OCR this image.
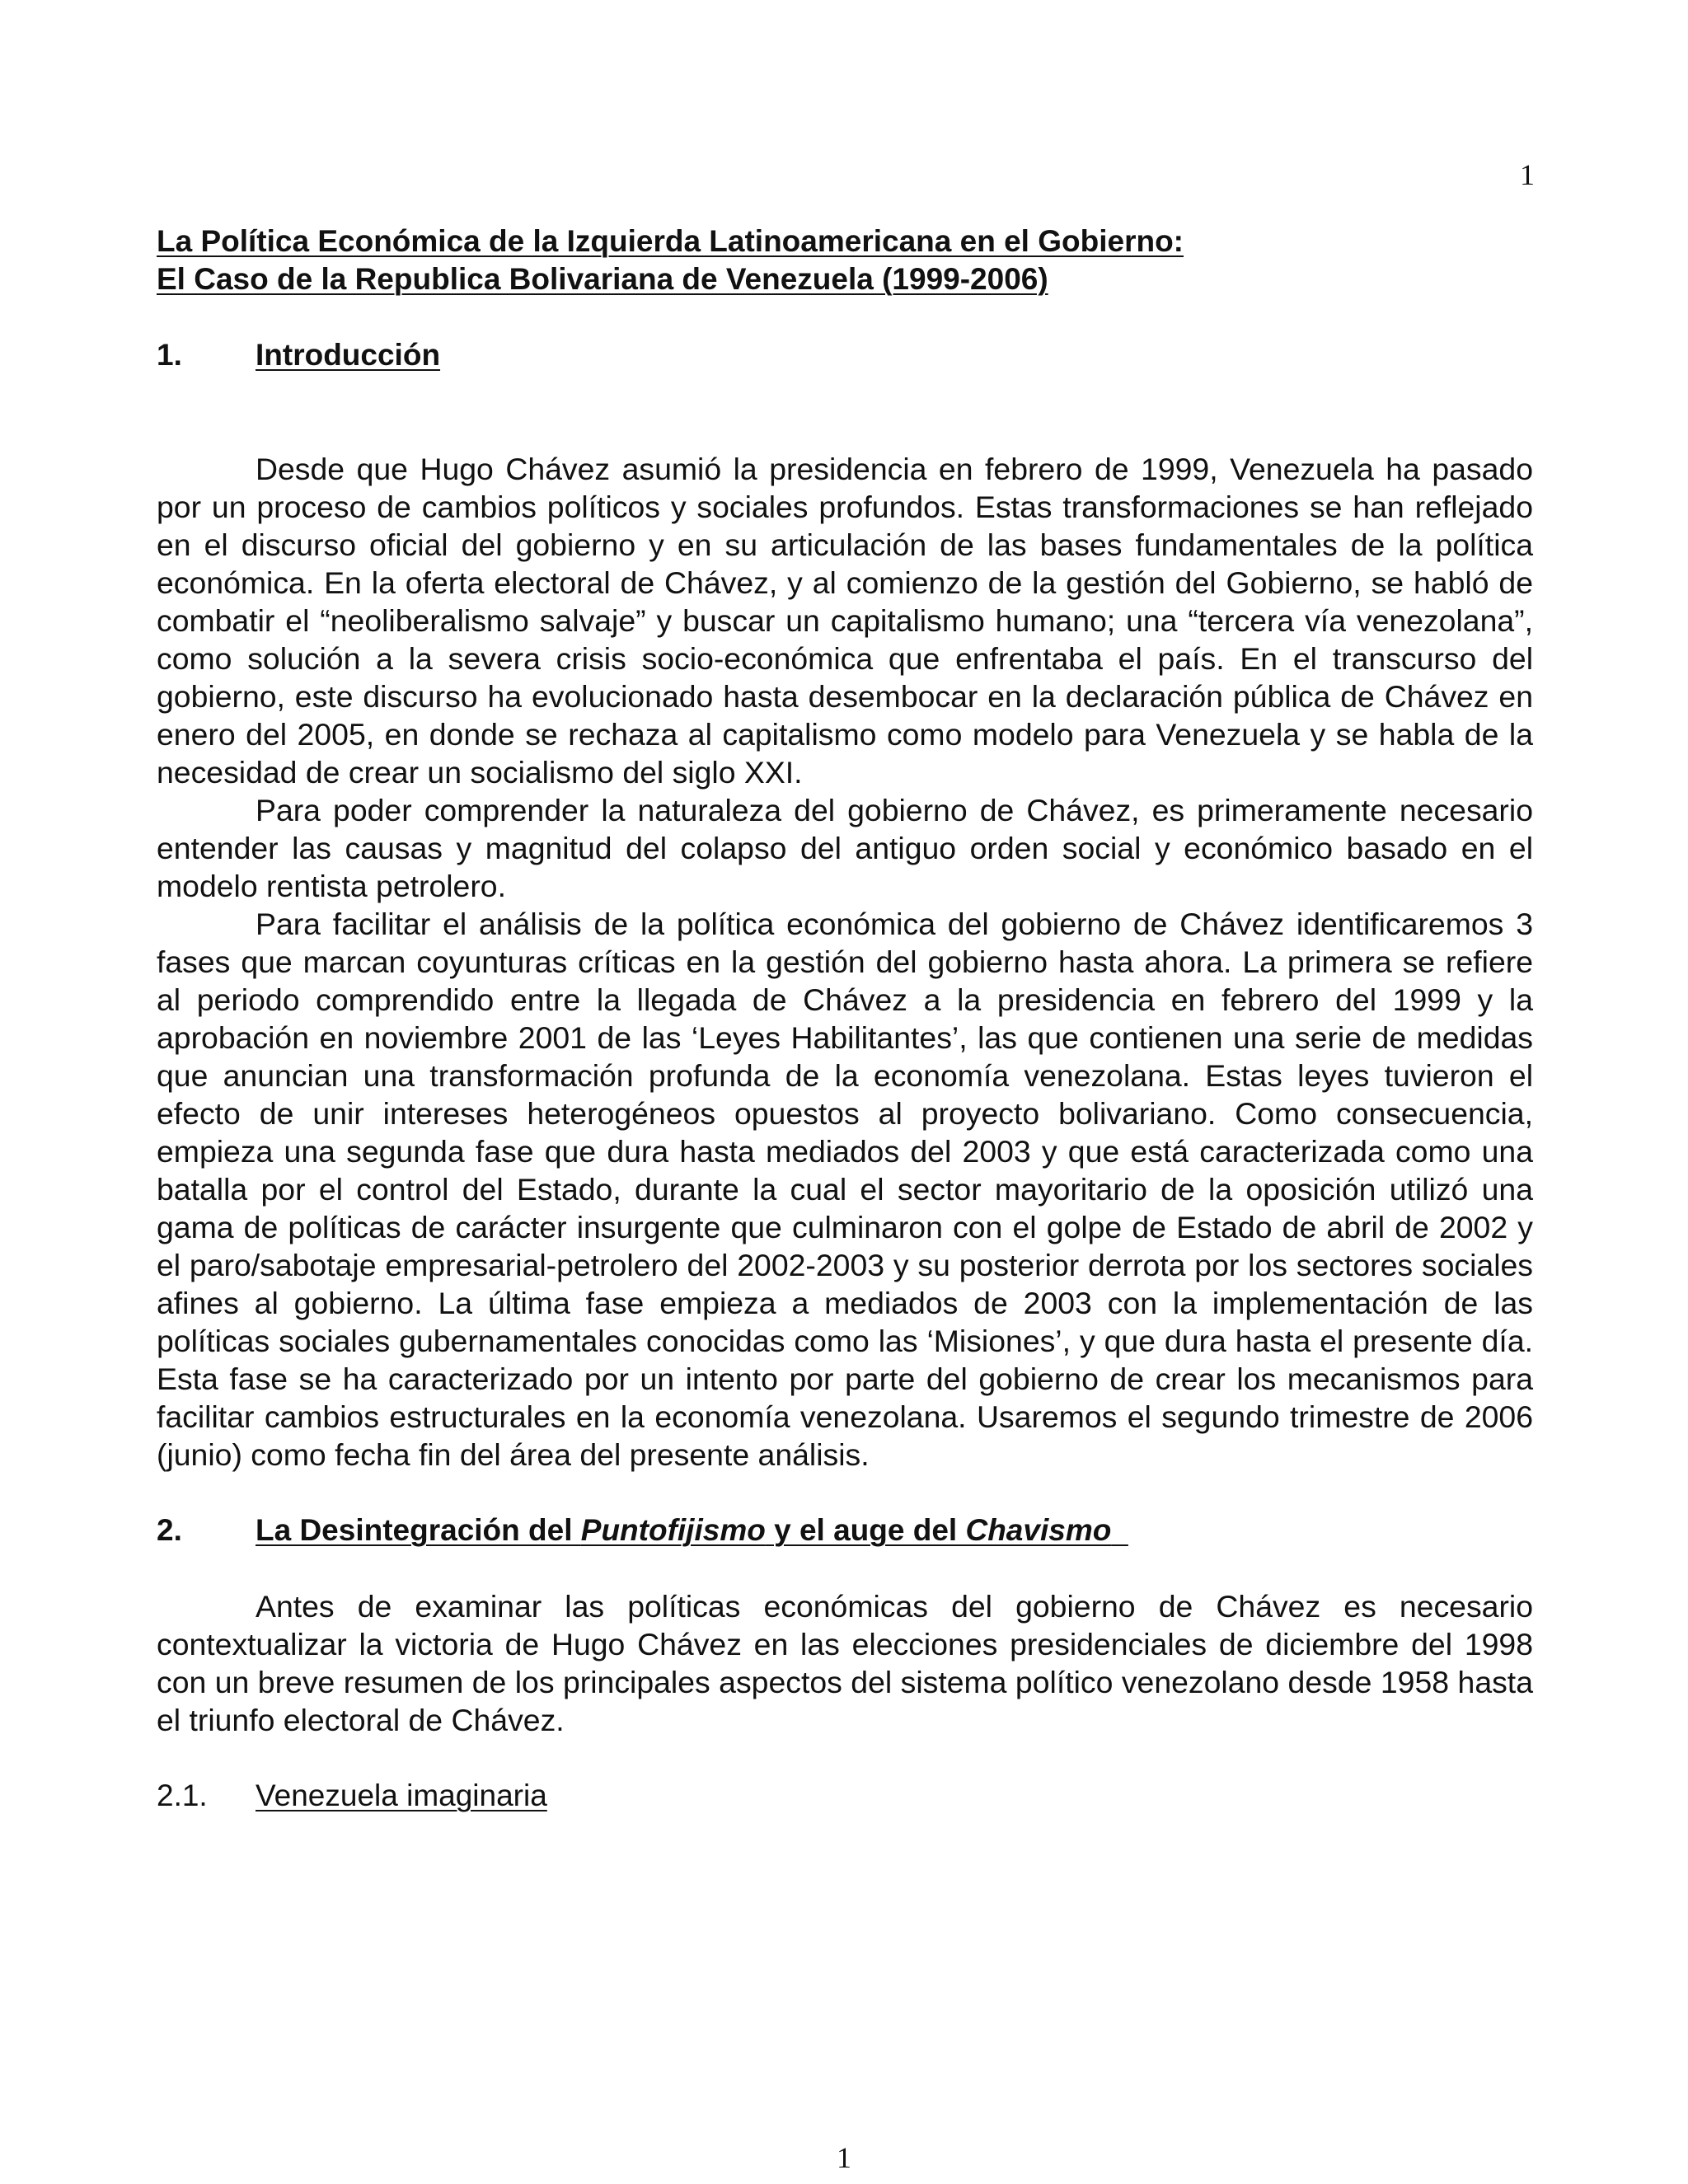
1
La Política Económica de la Izquierda Latinoamericana en el Gobierno:
El Caso de la Republica Bolivariana de Venezuela (1999-2006)
1.	Introducción

Desde que Hugo Chávez asumió la presidencia en febrero de 1999, Venezuela ha pasado por un proceso de cambios políticos y sociales profundos. Estas transformaciones se han reflejado en el discurso oficial del gobierno y en su articulación de las bases fundamentales de la política económica. En la oferta electoral de Chávez, y al comienzo de la gestión del Gobierno, se habló de combatir el “neoliberalismo salvaje” y buscar un capitalismo humano; una “tercera vía venezolana”, como solución a la severa crisis socio-económica que enfrentaba el país. En el transcurso del gobierno, este discurso ha evolucionado hasta desembocar en la declaración pública de Chávez en enero del 2005, en donde se rechaza al capitalismo como modelo para Venezuela y se habla de la necesidad de crear un socialismo del siglo XXI.

Para poder comprender la naturaleza del gobierno de Chávez, es primeramente necesario entender las causas y magnitud del colapso del antiguo orden social y económico basado en el modelo rentista petrolero.

Para facilitar el análisis de la política económica del gobierno de Chávez identificaremos 3 fases que marcan coyunturas críticas en la gestión del gobierno hasta ahora. La primera se refiere al periodo comprendido entre la llegada de Chávez a la presidencia en febrero del 1999 y la aprobación en noviembre 2001 de las ‘Leyes Habilitantes’, las que contienen una serie de medidas que anuncian una transformación profunda de la economía venezolana. Estas leyes tuvieron el efecto de unir intereses heterogéneos opuestos al proyecto bolivariano. Como consecuencia, empieza una segunda fase que dura hasta mediados del 2003 y que está caracterizada como una batalla por el control del Estado, durante la cual el sector mayoritario de la oposición utilizó una gama de políticas de carácter insurgente que culminaron con el golpe de Estado de abril de 2002 y el paro/sabotaje empresarial-petrolero del 2002-2003 y su posterior derrota por los sectores sociales afines al gobierno. La última fase empieza a mediados de 2003 con la implementación de las políticas sociales gubernamentales conocidas como las ‘Misiones’, y que dura hasta el presente día. Esta fase se ha caracterizado por un intento por parte del gobierno de crear los mecanismos para facilitar cambios estructurales en la economía venezolana. Usaremos el segundo trimestre de 2006 (junio) como fecha fin del área del presente análisis.

2.	La Desintegración del Puntofijismo y el auge del Chavismo

Antes de examinar las políticas económicas del gobierno de Chávez es necesario contextualizar la victoria de Hugo Chávez en las elecciones presidenciales de diciembre del 1998 con un breve resumen de los principales aspectos del sistema político venezolano desde 1958 hasta el triunfo electoral de Chávez.

2.1.	Venezuela imaginaria
1
